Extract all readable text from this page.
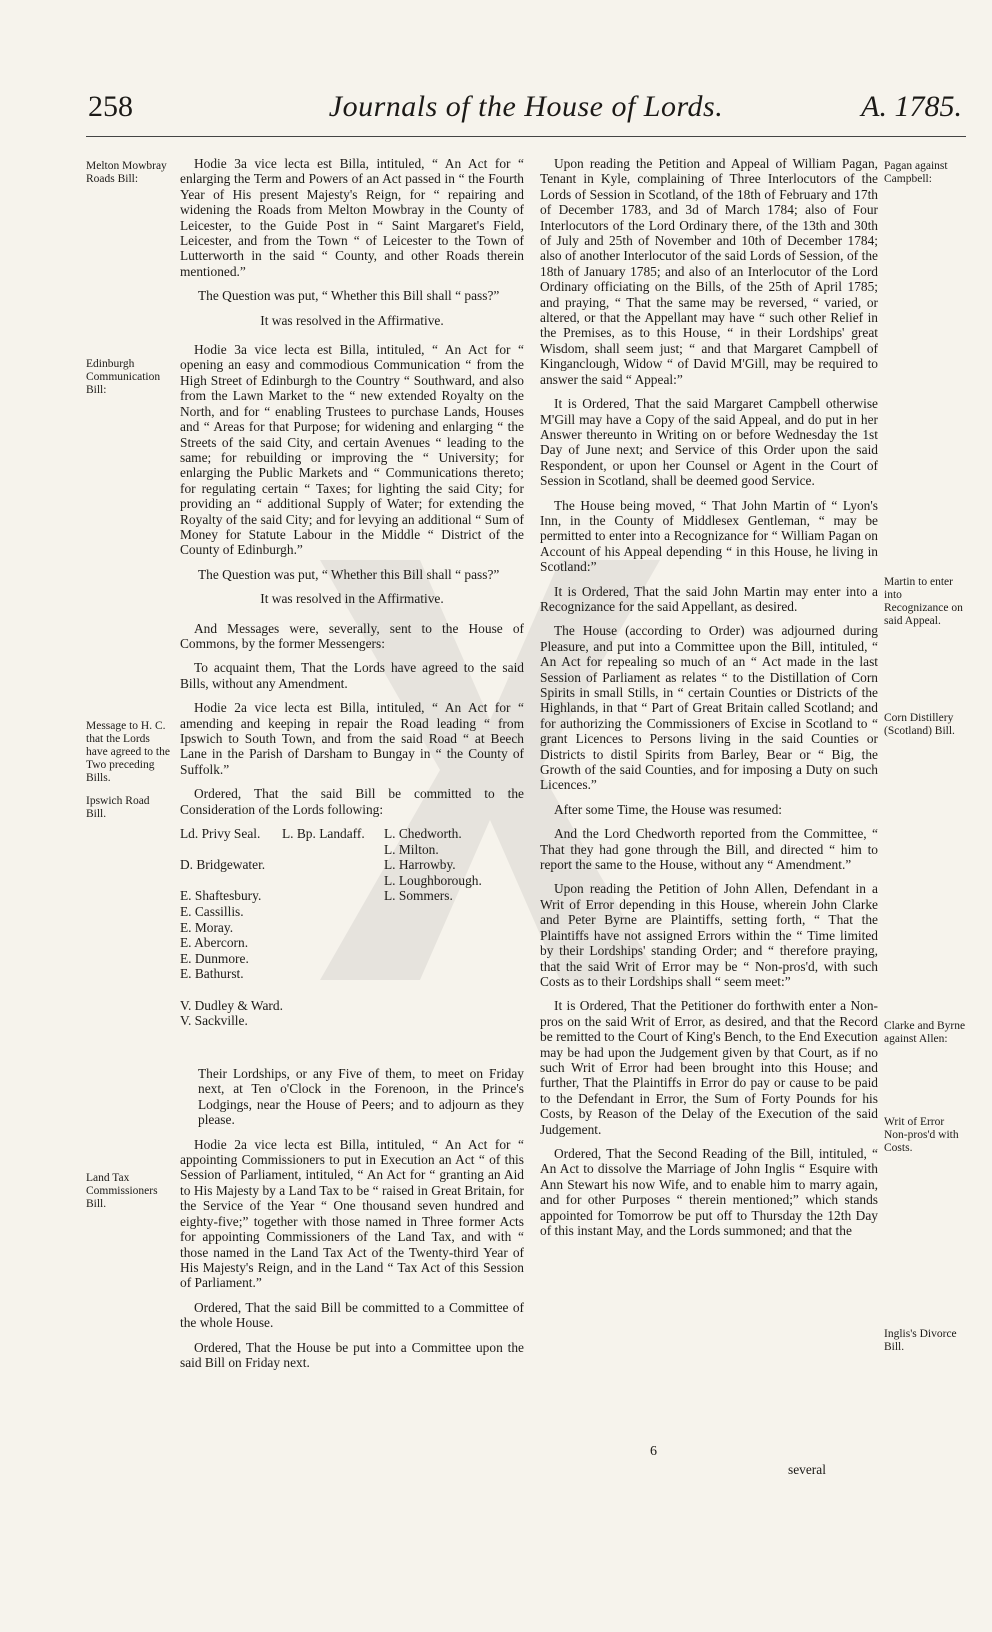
258	Journals of the House of Lords.	A. 1785.
Melton Mowbray Roads Bill:
Edinburgh Communication Bill:
Message to H. C. that the Lords have agreed to the Two preceding Bills.
Ipswich Road Bill.
Land Tax Commissioners Bill.
Pagan against Campbell:
Martin to enter into Recognizance on said Appeal.
Corn Distillery (Scotland) Bill.
Clarke and Byrne against Allen:
Writ of Error Non-pros'd with Costs.
Inglis's Divorce Bill.

Hodie 3a vice lecta est Billa, intituled, “ An Act for “ enlarging the Term and Powers of an Act passed in “ the Fourth Year of His present Majesty's Reign, for “ repairing and widening the Roads from Melton Mowbray in the County of Leicester, to the Guide Post in “ Saint Margaret's Field, Leicester, and from the Town “ of Leicester to the Town of Lutterworth in the said “ County, and other Roads therein mentioned.”

The Question was put, “ Whether this Bill shall “ pass?”

It was resolved in the Affirmative.

Hodie 3a vice lecta est Billa, intituled, “ An Act for “ opening an easy and commodious Communication “ from the High Street of Edinburgh to the Country “ Southward, and also from the Lawn Market to the “ new extended Royalty on the North, and for “ enabling Trustees to purchase Lands, Houses and “ Areas for that Purpose; for widening and enlarging “ the Streets of the said City, and certain Avenues “ leading to the same; for rebuilding or improving the “ University; for enlarging the Public Markets and “ Communications thereto; for regulating certain “ Taxes; for lighting the said City; for providing an “ additional Supply of Water; for extending the Royalty of the said City; and for levying an additional “ Sum of Money for Statute Labour in the Middle “ District of the County of Edinburgh.”

The Question was put, “ Whether this Bill shall “ pass?”

It was resolved in the Affirmative.

And Messages were, severally, sent to the House of Commons, by the former Messengers:

To acquaint them, That the Lords have agreed to the said Bills, without any Amendment.

Hodie 2a vice lecta est Billa, intituled, “ An Act for “ amending and keeping in repair the Road leading “ from Ipswich to South Town, and from the said Road “ at Beech Lane in the Parish of Darsham to Bungay in “ the County of Suffolk.”

Ordered, That the said Bill be committed to the Consideration of the Lords following:

Ld. Privy Seal.

D. Bridgewater.

E. Shaftesbury.
E. Cassillis.
E. Moray.
E. Abercorn.
E. Dunmore.
E. Bathurst.

V. Dudley & Ward.
V. Sackville.
L. Bp. Landaff. L. Chedworth.
L. Milton.
L. Harrowby.
L. Loughborough.
L. Sommers.

Their Lordships, or any Five of them, to meet on Friday next, at Ten o'Clock in the Forenoon, in the Prince's Lodgings, near the House of Peers; and to adjourn as they please.

Hodie 2a vice lecta est Billa, intituled, “ An Act for “ appointing Commissioners to put in Execution an Act “ of this Session of Parliament, intituled, “ An Act for “ granting an Aid to His Majesty by a Land Tax to be “ raised in Great Britain, for the Service of the Year “ One thousand seven hundred and eighty-five;” together with those named in Three former Acts for appointing Commissioners of the Land Tax, and with “ those named in the Land Tax Act of the Twenty-third Year of His Majesty's Reign, and in the Land “ Tax Act of this Session of Parliament.”

Ordered, That the said Bill be committed to a Committee of the whole House.

Ordered, That the House be put into a Committee upon the said Bill on Friday next.

Upon reading the Petition and Appeal of William Pagan, Tenant in Kyle, complaining of Three Interlocutors of the Lords of Session in Scotland, of the 18th of February and 17th of December 1783, and 3d of March 1784; also of Four Interlocutors of the Lord Ordinary there, of the 13th and 30th of July and 25th of November and 10th of December 1784; also of another Interlocutor of the said Lords of Session, of the 18th of January 1785; and also of an Interlocutor of the Lord Ordinary officiating on the Bills, of the 25th of April 1785; and praying, “ That the same may be reversed, “ varied, or altered, or that the Appellant may have “ such other Relief in the Premises, as to this House, “ in their Lordships' great Wisdom, shall seem just; “ and that Margaret Campbell of Kinganclough, Widow “ of David M'Gill, may be required to answer the said “ Appeal:”

It is Ordered, That the said Margaret Campbell otherwise M'Gill may have a Copy of the said Appeal, and do put in her Answer thereunto in Writing on or before Wednesday the 1st Day of June next; and Service of this Order upon the said Respondent, or upon her Counsel or Agent in the Court of Session in Scotland, shall be deemed good Service.

The House being moved, “ That John Martin of “ Lyon's Inn, in the County of Middlesex Gentleman, “ may be permitted to enter into a Recognizance for “ William Pagan on Account of his Appeal depending “ in this House, he living in Scotland:”

It is Ordered, That the said John Martin may enter into a Recognizance for the said Appellant, as desired.

The House (according to Order) was adjourned during Pleasure, and put into a Committee upon the Bill, intituled, “ An Act for repealing so much of an “ Act made in the last Session of Parliament as relates “ to the Distillation of Corn Spirits in small Stills, in “ certain Counties or Districts of the Highlands, in that “ Part of Great Britain called Scotland; and for authorizing the Commissioners of Excise in Scotland to “ grant Licences to Persons living in the said Counties or Districts to distil Spirits from Barley, Bear or “ Big, the Growth of the said Counties, and for imposing a Duty on such Licences.”

After some Time, the House was resumed:

And the Lord Chedworth reported from the Committee, “ That they had gone through the Bill, and directed “ him to report the same to the House, without any “ Amendment.”

Upon reading the Petition of John Allen, Defendant in a Writ of Error depending in this House, wherein John Clarke and Peter Byrne are Plaintiffs, setting forth, “ That the Plaintiffs have not assigned Errors within the “ Time limited by their Lordships' standing Order; and “ therefore praying, that the said Writ of Error may be “ Non-pros'd, with such Costs as to their Lordships shall “ seem meet:”

It is Ordered, That the Petitioner do forthwith enter a Non-pros on the said Writ of Error, as desired, and that the Record be remitted to the Court of King's Bench, to the End Execution may be had upon the Judgement given by that Court, as if no such Writ of Error had been brought into this House; and further, That the Plaintiffs in Error do pay or cause to be paid to the Defendant in Error, the Sum of Forty Pounds for his Costs, by Reason of the Delay of the Execution of the said Judgement.

Ordered, That the Second Reading of the Bill, intituled, “ An Act to dissolve the Marriage of John Inglis “ Esquire with Ann Stewart his now Wife, and to enable him to marry again, and for other Purposes “ therein mentioned;” which stands appointed for Tomorrow be put off to Thursday the 12th Day of this instant May, and the Lords summoned; and that the

6
several
